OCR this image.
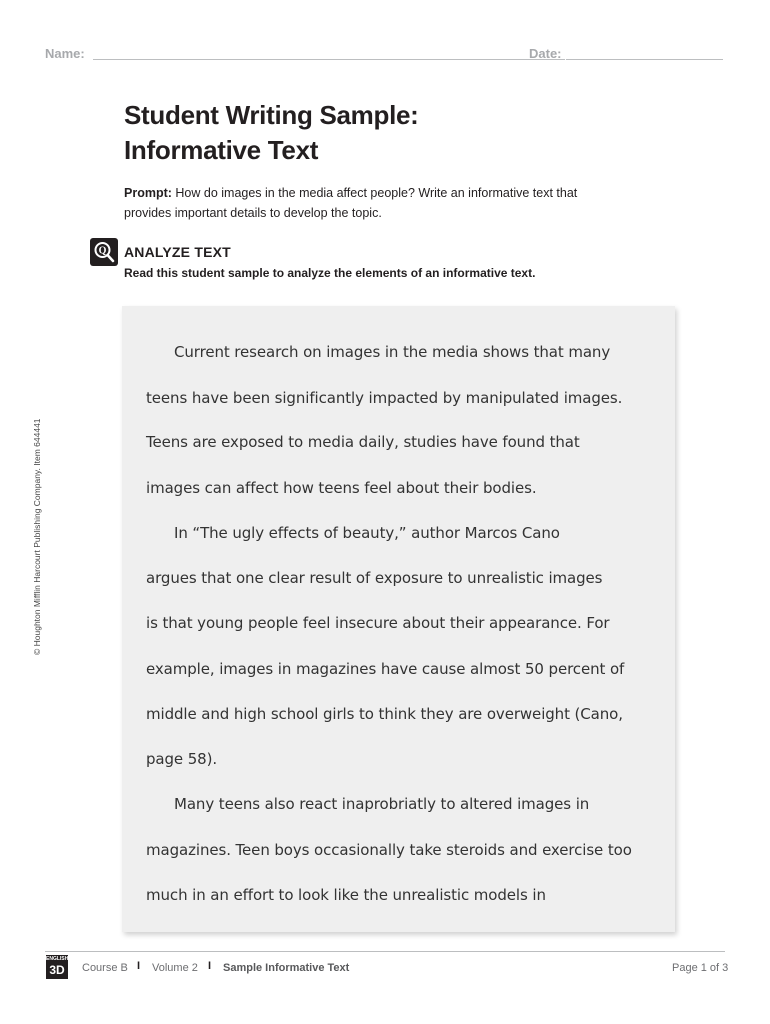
Name:	Date:
Student Writing Sample:
Informative Text
Prompt: How do images in the media affect people? Write an informative text that
provides important details to develop the topic.
Q ANALYZE TEXT
Read this student sample to analyze the elements of an informative text.
Current research on images in the media shows that many
teens have been significantly impacted by manipulated images.
Teens are exposed to media daily, studies have found that
images can affect how teens feel about their bodies.
In “The ugly effects of beauty,” author Marcos Cano
argues that one clear result of exposure to unrealistic images
is that young people feel insecure about their appearance. For
example, images in magazines have cause almost 50 percent of
middle and high school girls to think they are overweight (Cano,
page 58).
Many teens also react inaprobriatly to altered images in
magazines. Teen boys occasionally take steroids and exercise too
much in an effort to look like the unrealistic models in
© Houghton Mifflin Harcourt Publishing Company. Item 644441
ENGLISH
3D	Course B I Volume 2 I Sample Informative Text	Page 1 of 3
